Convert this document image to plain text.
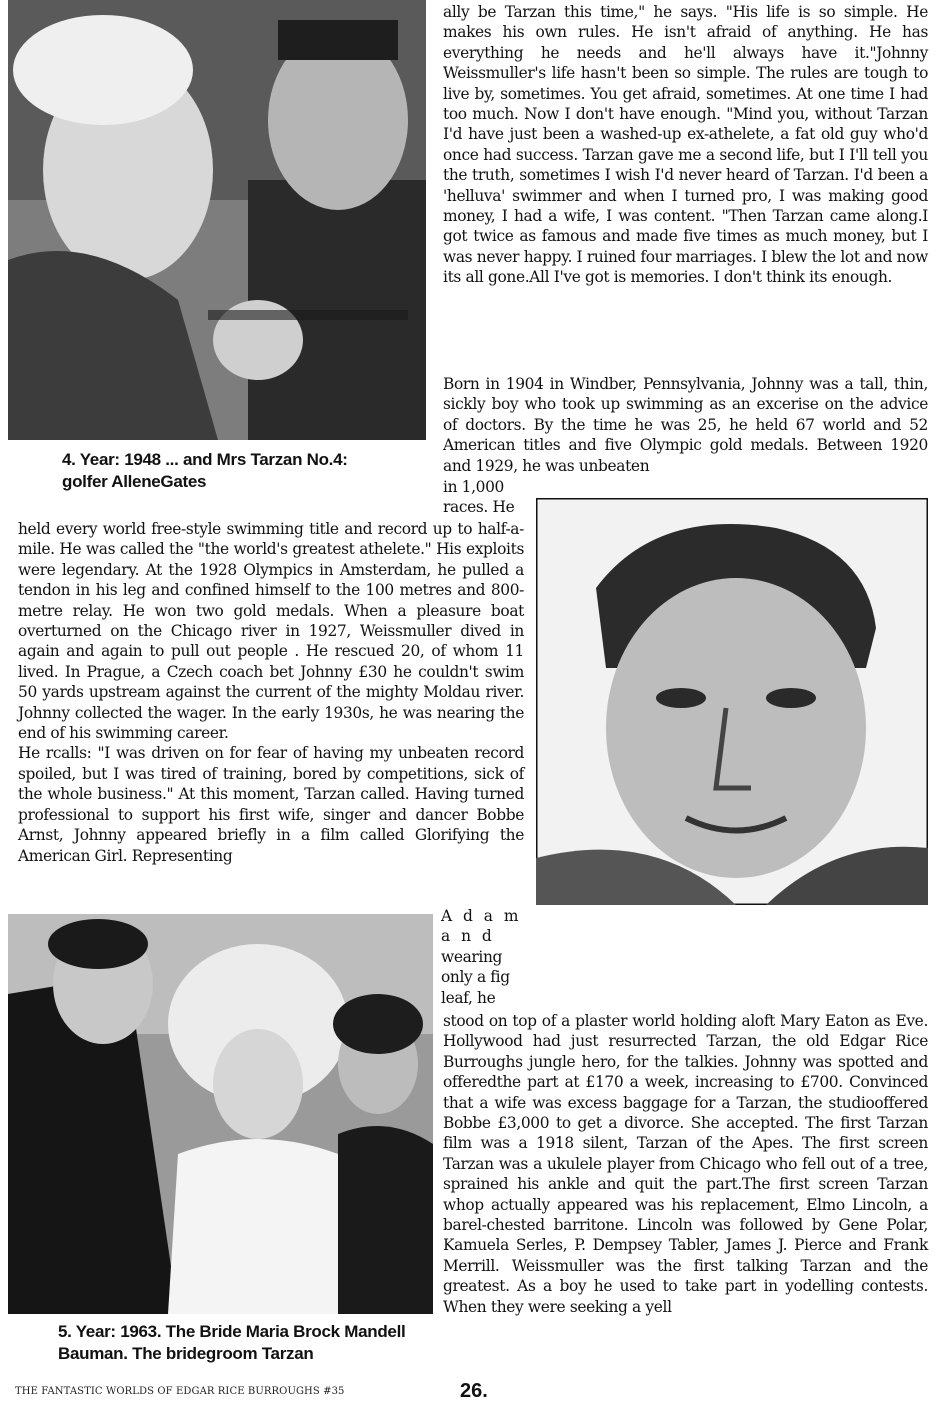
4. Year: 1948 ... and Mrs Tarzan No.4:
golfer AlleneGates

ally be Tarzan this time," he says. "His life is so simple. He makes his own rules. He isn't afraid of anything. He has everything he needs and he'll always have it."Johnny Weissmuller's life hasn't been so simple. The rules are tough to live by, sometimes. You get afraid, sometimes. At one time I had too much. Now I don't have enough. "Mind you, without Tarzan I'd have just been a washed-up ex-athelete, a fat old guy who'd once had success. Tarzan gave me a second life, but I I'll tell you the truth, sometimes I wish I'd never heard of Tarzan. I'd been a 'helluva' swimmer and when I turned pro, I was making good money, I had a wife, I was content. "Then Tarzan came along.I got twice as famous and made five times as much money, but I was never happy. I ruined four marriages. I blew the lot and now its all gone.All I've got is memories. I don't think its enough.

Born in 1904 in Windber, Pennsylvania, Johnny was a tall, thin, sickly boy who took up swimming as an excerise on the advice of doctors. By the time he was 25, he held 67 world and 52 American titles and five Olympic gold medals. Between 1920 and 1929, he was unbeaten

in 1,000

races. He

held every world free-style swimming title and record up to half-a-mile. He was called the "the world's greatest athelete." His exploits were legendary. At the 1928 Olympics in Amsterdam, he pulled a tendon in his leg and confined himself to the 100 metres and 800-metre relay. He won two gold medals. When a pleasure boat overturned on the Chicago river in 1927, Weissmuller dived in again and again to pull out people . He rescued 20, of whom 11 lived. In Prague, a Czech coach bet Johnny £30 he couldn't swim 50 yards upstream against the current of the mighty Moldau river. Johnny collected the wager. In the early 1930s, he was nearing the end of his swimming career.

He rcalls: "I was driven on for fear of having my unbeaten record spoiled, but I was tired of training, bored by competitions, sick of the whole business." At this moment, Tarzan called. Having turned professional to support his first wife, singer and dancer Bobbe Arnst, Johnny appeared briefly in a film called Glorifying the American Girl. Representing

A d a m

a n d

wearing

only a fig

leaf, he

5. Year: 1963. The Bride Maria Brock Mandell
Bauman. The bridegroom Tarzan

stood on top of a plaster world holding aloft Mary Eaton as Eve. Hollywood had just resurrected Tarzan, the old Edgar Rice Burroughs jungle hero, for the talkies. Johnny was spotted and offeredthe part at £170 a week, increasing to £700. Convinced that a wife was excess baggage for a Tarzan, the studiooffered Bobbe £3,000 to get a divorce. She accepted. The first Tarzan film was a 1918 silent, Tarzan of the Apes. The first screen Tarzan was a ukulele player from Chicago who fell out of a tree, sprained his ankle and quit the part.The first screen Tarzan whop actually appeared was his replacement, Elmo Lincoln, a barel-chested barritone. Lincoln was followed by Gene Polar, Kamuela Serles, P. Dempsey Tabler, James J. Pierce and Frank Merrill. Weissmuller was the first talking Tarzan and the greatest. As a boy he used to take part in yodelling contests. When they were seeking a yell

THE FANTASTIC WORLDS OF EDGAR RICE BURROUGHS #35	26.
